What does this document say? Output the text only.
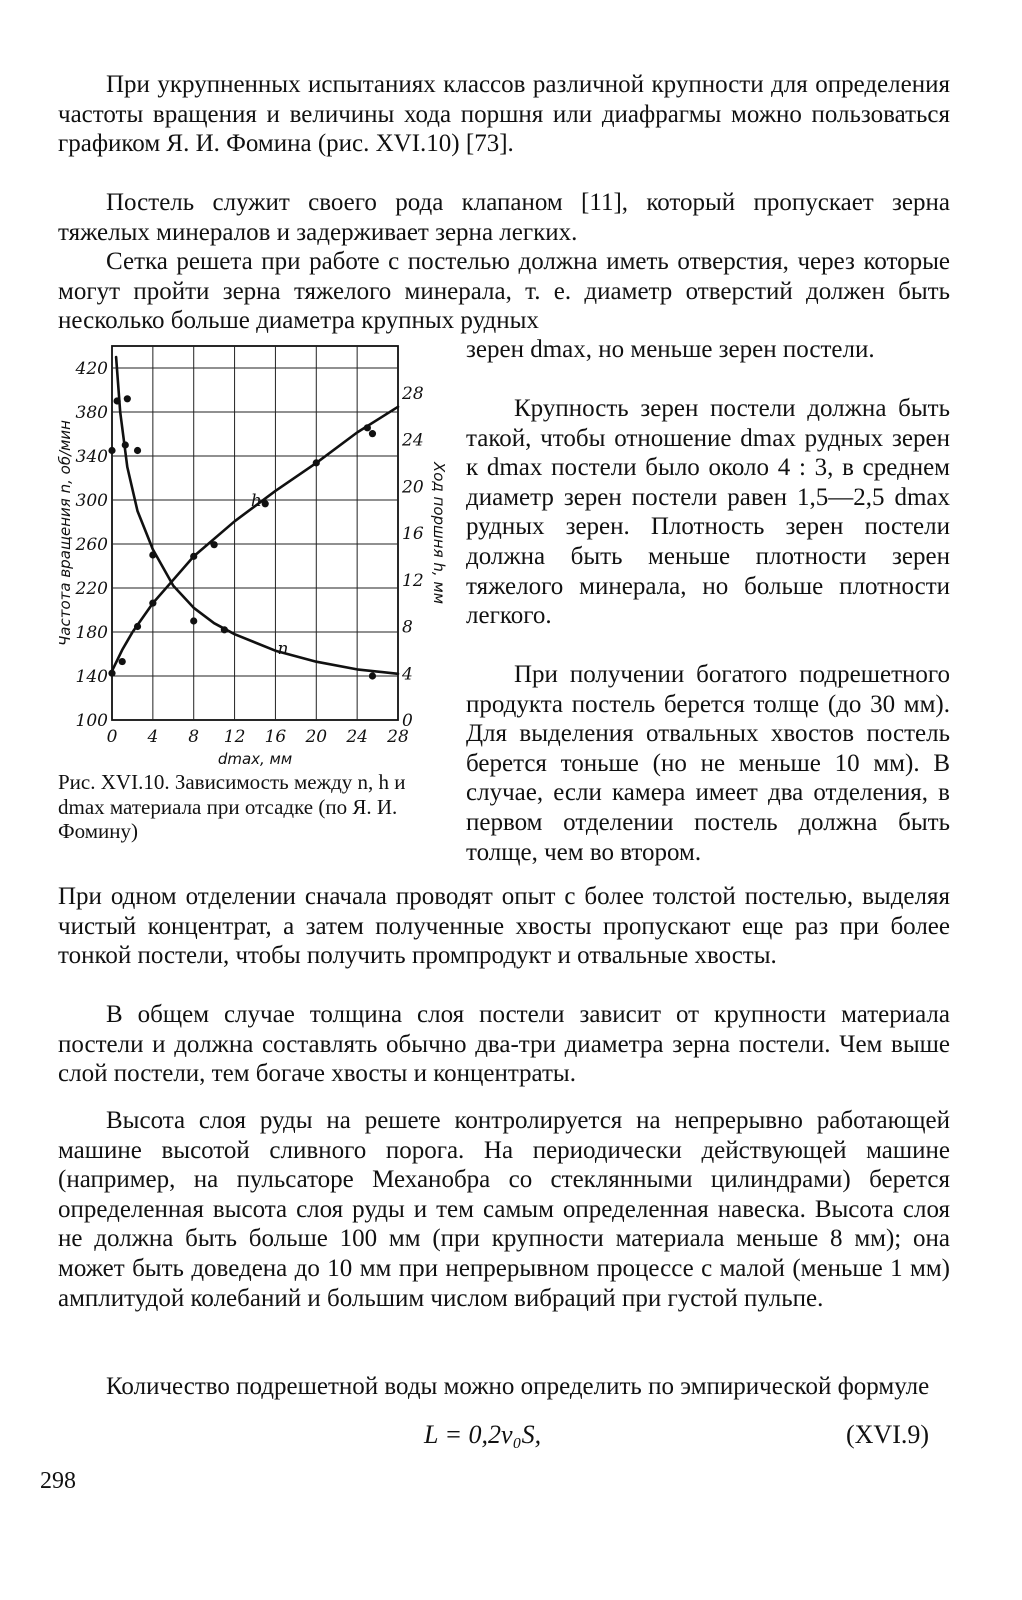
При укрупненных испытаниях классов различной крупности для определения частоты вращения и величины хода поршня или диафрагмы можно пользоваться графиком Я. И. Фомина (рис. XVI.10) [73].

Постель служит своего рода клапаном [11], который пропускает зерна тяжелых минералов и задерживает зерна легких.

Сетка решета при работе с постелью должна иметь отверстия, через которые могут пройти зерна тяжелого минерала, т. е. диаметр отверстий должен быть несколько больше диаметра крупных рудных

зерен dmax, но меньше зерен постели.

Крупность зерен постели должна быть такой, чтобы отношение dmax рудных зерен к dmax постели было около 4 : 3, в среднем диаметр зерен постели равен 1,5—2,5 dmax рудных зерен. Плотность зерен постели должна быть меньше плотности зерен тяжелого минерала, но больше плотности легкого.

При получении богатого подрешетного продукта постель берется толще (до 30 мм). Для выделения отвальных хвостов постель берется тоньше (но не меньше 10 мм). В случае, если камера имеет два отделения, в первом отделении постель должна быть толще, чем во втором.

0 4 8 12 16 20 24 28
100
140
180
220
260
300
340
380
420
0
4
8
12
16
20
24
28
dmax, мм
Частота вращения n, об/мин	Ход поршня h, мм
h
n

Рис. XVI.10. Зависимость между n, h и dmax материала при отсадке (по Я. И. Фомину)

При одном отделении сначала проводят опыт с более толстой постелью, выделяя чистый концентрат, а затем полученные хвосты пропускают еще раз при более тонкой постели, чтобы получить промпродукт и отвальные хвосты.

В общем случае толщина слоя постели зависит от крупности материала постели и должна составлять обычно два-три диаметра зерна постели. Чем выше слой постели, тем богаче хвосты и концентраты.

Высота слоя руды на решете контролируется на непрерывно работающей машине высотой сливного порога. На периодически действующей машине (например, на пульсаторе Механобра со стеклянными цилиндрами) берется определенная высота слоя руды и тем самым определенная навеска. Высота слоя не должна быть больше 100 мм (при крупности материала меньше 8 мм); она может быть доведена до 10 мм при непрерывном процессе с малой (меньше 1 мм) амплитудой колебаний и большим числом вибраций при густой пульпе.

Количество подрешетной воды можно определить по эмпирической формуле

L = 0,2v₀S,	(XVI.9)

298
